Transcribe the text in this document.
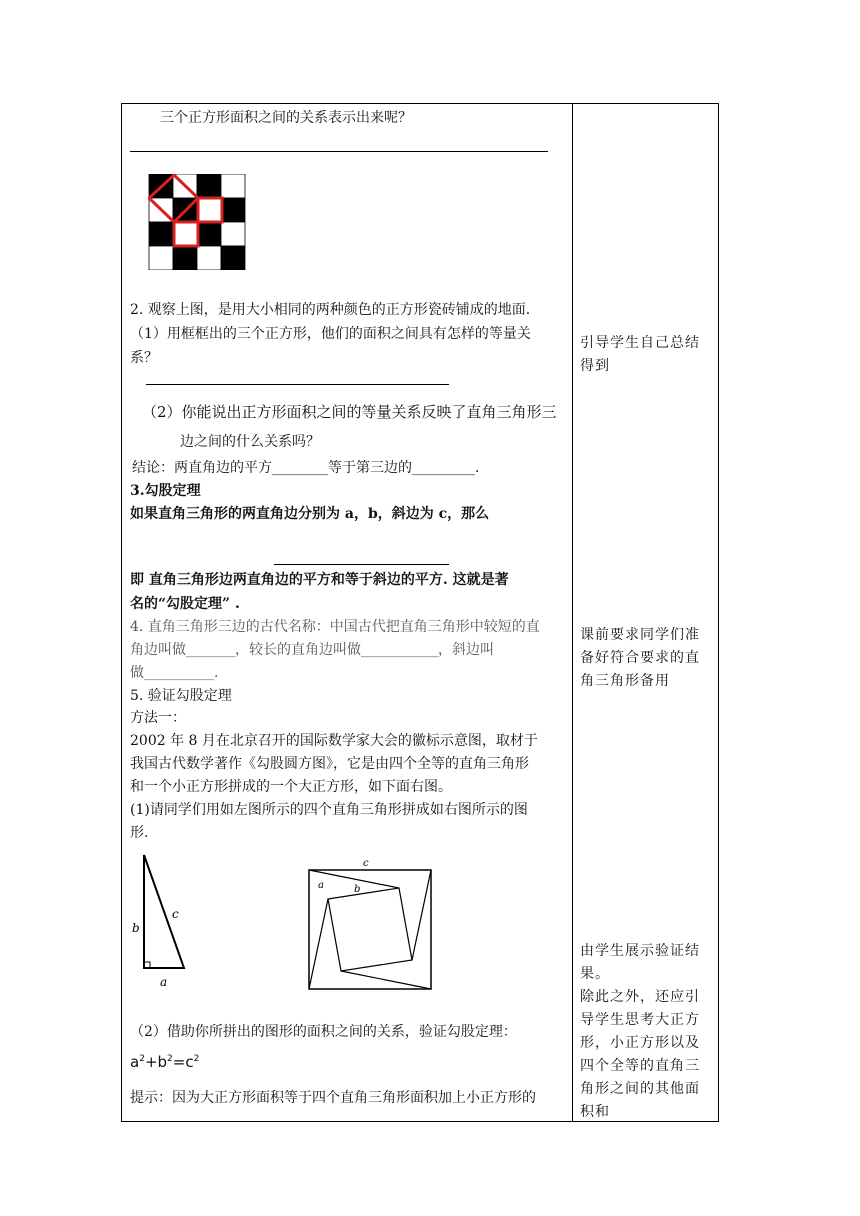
三个正方形面积之间的关系表示出来呢？
2. 观察上图，是用大小相同的两种颜色的正方形瓷砖铺成的地面.
（1）用框框出的三个正方形，他们的面积之间具有怎样的等量关
系？
（2）你能说出正方形面积之间的等量关系反映了直角三角形三
边之间的什么关系吗？
结论：两直角边的平方________等于第三边的_________.
3.勾股定理
如果直角三角形的两直角边分别为 a，b，斜边为 c，那么
即 直角三角形边两直角边的平方和等于斜边的平方. 这就是著
名的“勾股定理” .
4. 直角三角形三边的古代名称：中国古代把直角三角形中较短的直
角边叫做_______，较长的直角边叫做___________，斜边叫
做__________.
5. 验证勾股定理
方法一：
2002 年 8 月在北京召开的国际数学家大会的徽标示意图，取材于
我国古代数学著作《勾股圆方图》，它是由四个全等的直角三角形
和一个小正方形拼成的一个大正方形，如下面右图。
(1)请同学们用如左图所示的四个直角三角形拼成如右图所示的图
形.
b
c
a
c
a	b
（2）借助你所拼出的图形的面积之间的关系，验证勾股定理：
$a^2+b^2=c^2$
提示：因为大正方形面积等于四个直角三角形面积加上小正方形的
引导学生自己总结得到
课前要求同学们准备好符合要求的直角三角形备用
由学生展示验证结果。
除此之外，还应引导学生思考大正方形，小正方形以及四个全等的直角三角形之间的其他面积和
